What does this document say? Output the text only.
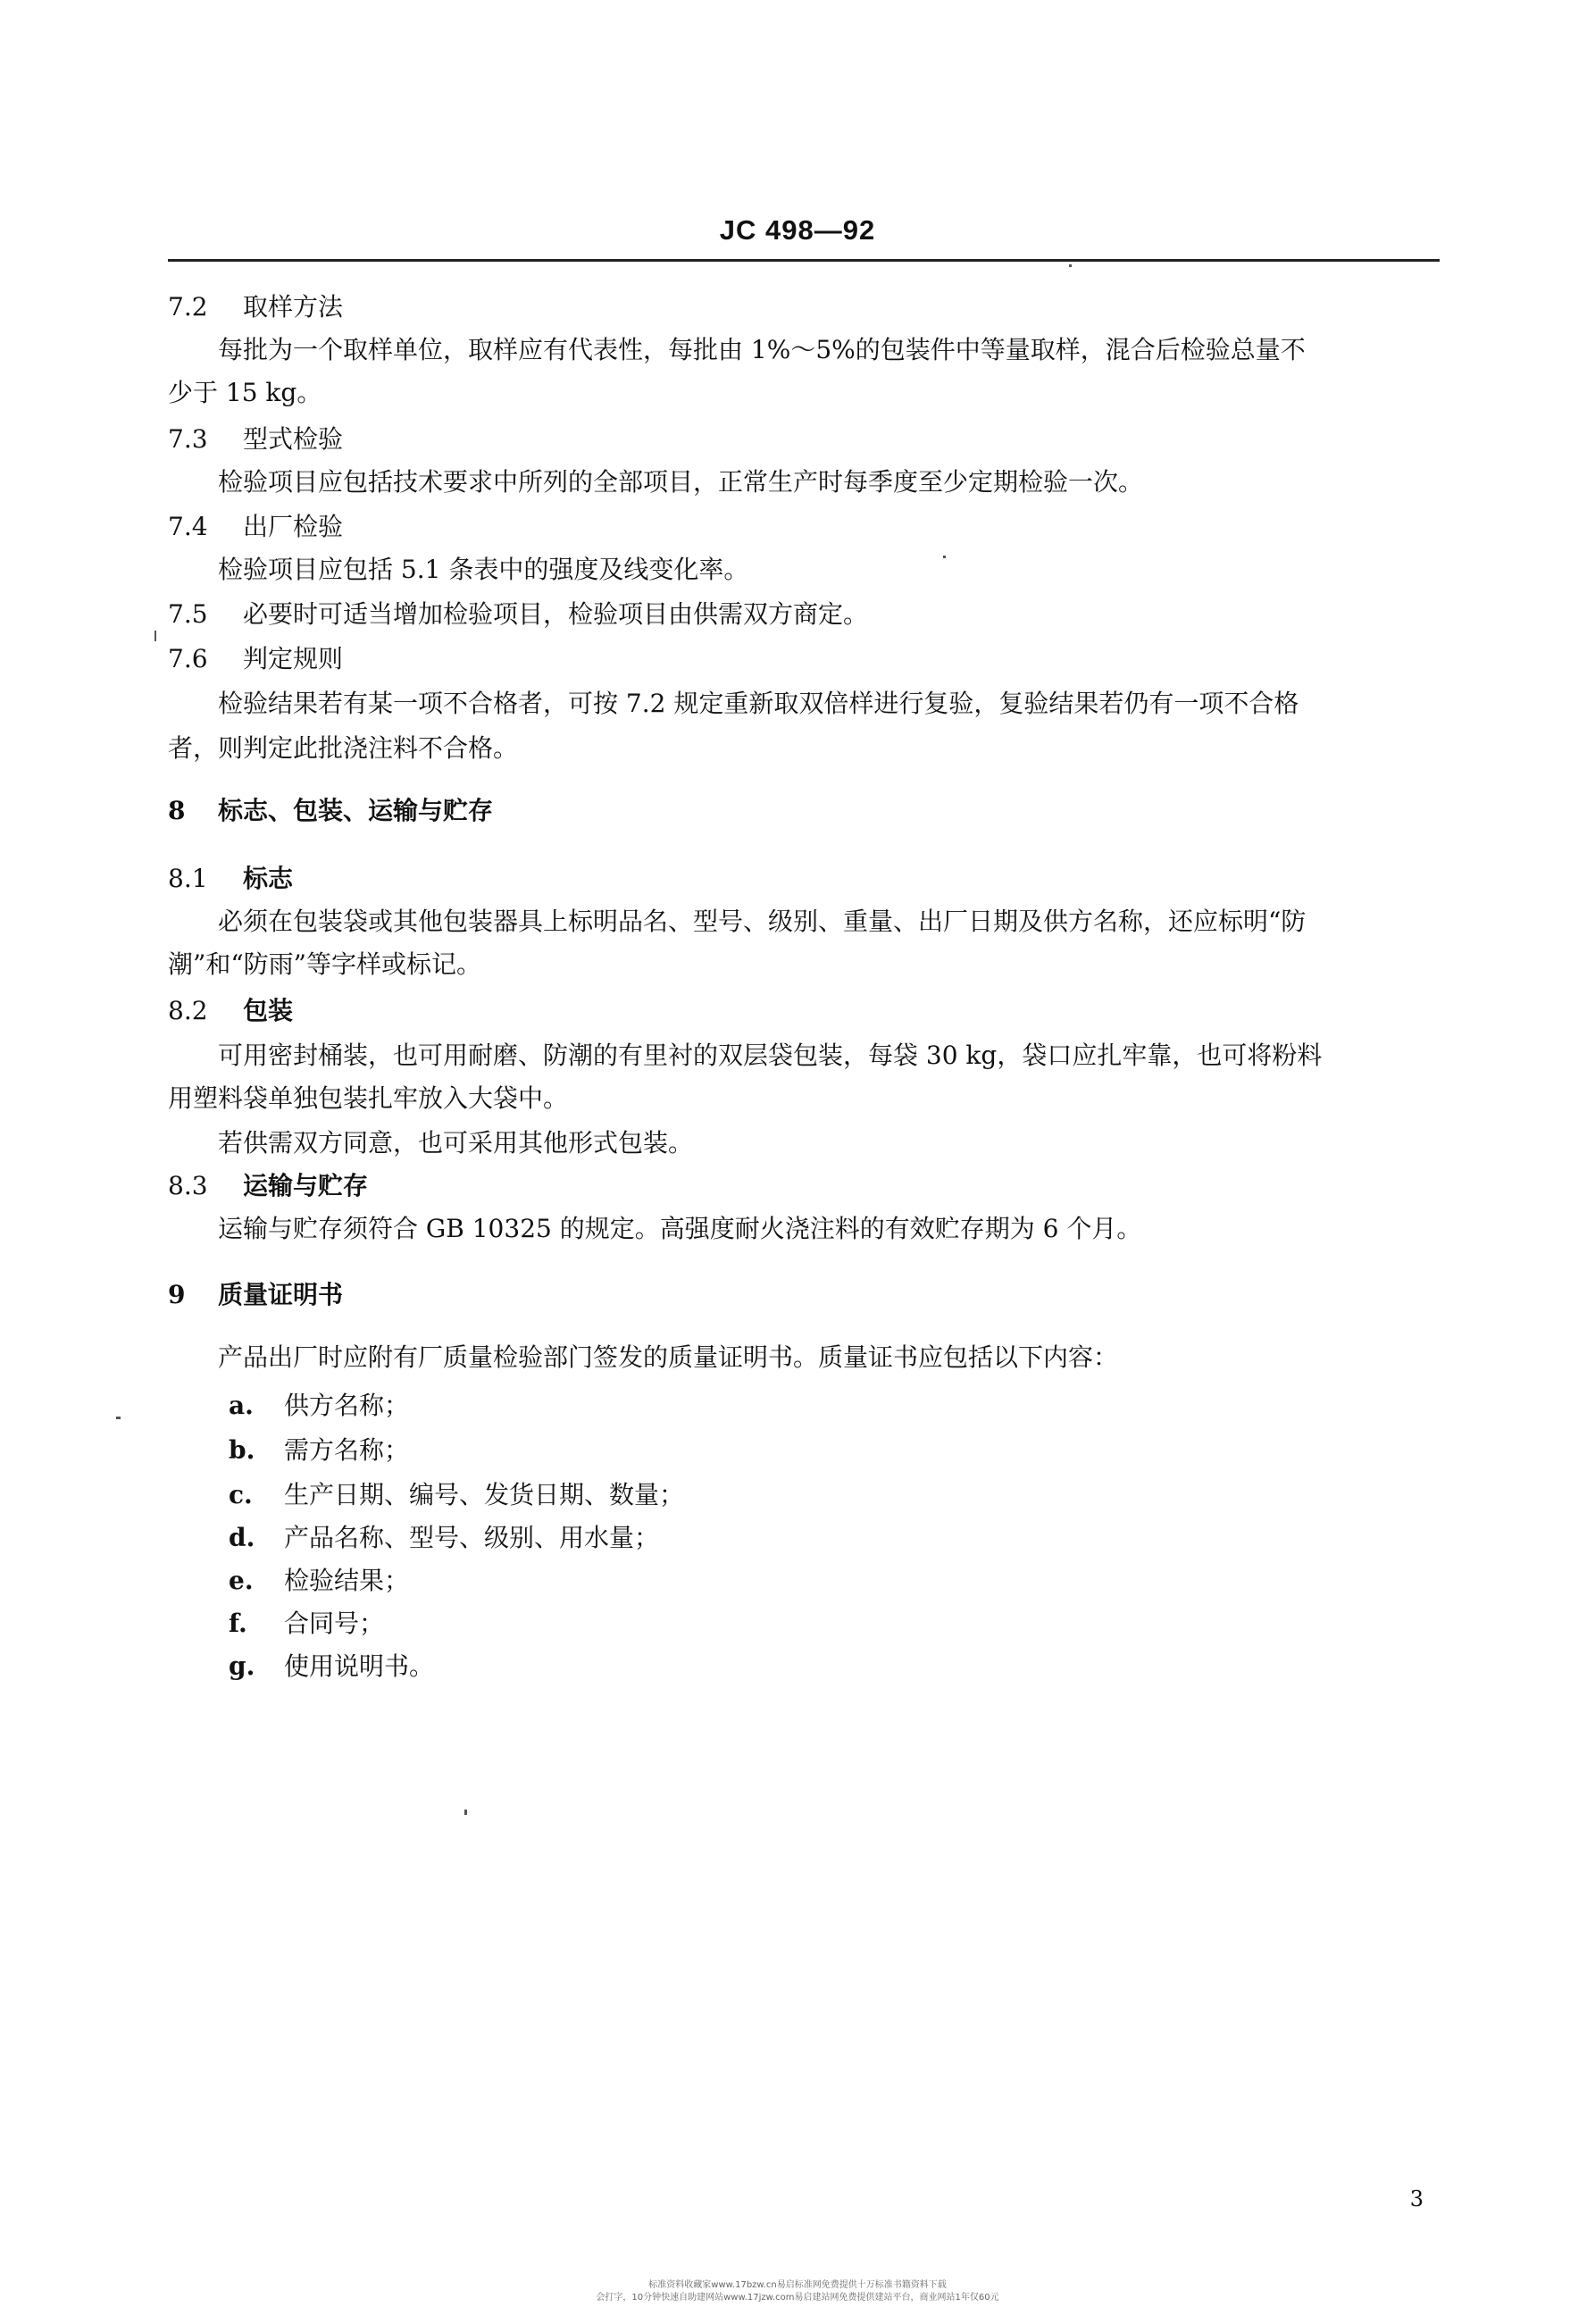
JC 498—92
7.2 取样方法
每批为一个取样单位，取样应有代表性，每批由 1%～5%的包装件中等量取样，混合后检验总量不
少于 15 kg。
7.3 型式检验
检验项目应包括技术要求中所列的全部项目，正常生产时每季度至少定期检验一次。
7.4 出厂检验
检验项目应包括 5.1 条表中的强度及线变化率。
7.5 必要时可适当增加检验项目，检验项目由供需双方商定。
7.6 判定规则
检验结果若有某一项不合格者，可按 7.2 规定重新取双倍样进行复验，复验结果若仍有一项不合格
者，则判定此批浇注料不合格。
8 标志、包装、运输与贮存
8.1 标志
必须在包装袋或其他包装器具上标明品名、型号、级别、重量、出厂日期及供方名称，还应标明“防
潮”和“防雨”等字样或标记。
8.2 包装
可用密封桶装，也可用耐磨、防潮的有里衬的双层袋包装，每袋 30 kg，袋口应扎牢靠，也可将粉料
用塑料袋单独包装扎牢放入大袋中。
若供需双方同意，也可采用其他形式包装。
8.3 运输与贮存
运输与贮存须符合 GB 10325 的规定。高强度耐火浇注料的有效贮存期为 6 个月。
9 质量证明书
产品出厂时应附有厂质量检验部门签发的质量证明书。质量证书应包括以下内容：
a. 供方名称；
b. 需方名称；
c. 生产日期、编号、发货日期、数量；
d. 产品名称、型号、级别、用水量；
e. 检验结果；
f. 合同号；
g. 使用说明书。
3
标准资料收藏家www.17bzw.cn易启标准网免费提供十万标准书籍资料下载
会打字，10分钟快速自助建网站www.17jzw.com易启建站网免费提供建站平台，商业网站1年仅60元
